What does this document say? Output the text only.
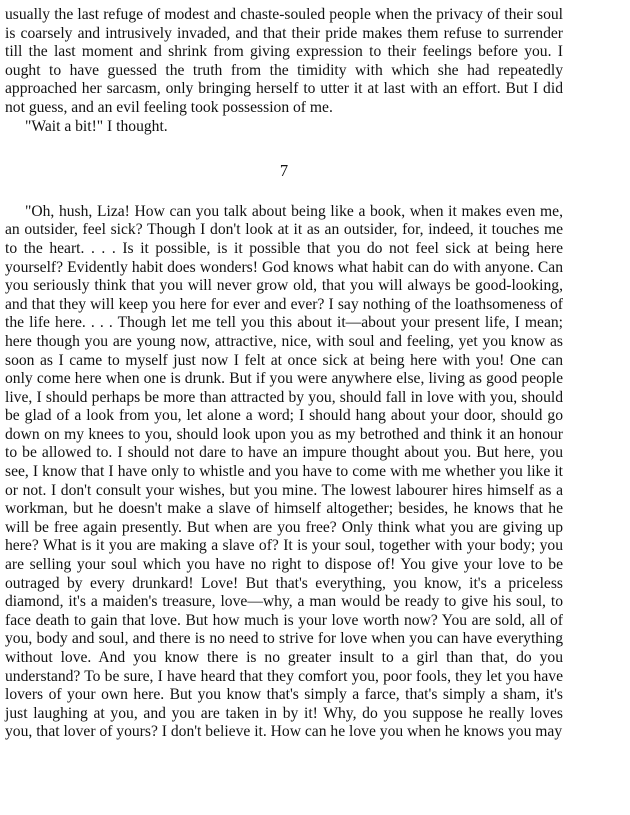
usually the last refuge of modest and chaste-souled people when the privacy of their soul is coarsely and intrusively invaded, and that their pride makes them refuse to surrender till the last moment and shrink from giving expression to their feelings before you. I ought to have guessed the truth from the timidity with which she had repeatedly approached her sarcasm, only bringing herself to utter it at last with an effort. But I did not guess, and an evil feeling took possession of me.

"Wait a bit!" I thought.

7

"Oh, hush, Liza! How can you talk about being like a book, when it makes even me, an outsider, feel sick? Though I don't look at it as an outsider, for, indeed, it touches me to the heart. . . . Is it possible, is it possible that you do not feel sick at being here yourself? Evidently habit does wonders! God knows what habit can do with anyone. Can you seriously think that you will never grow old, that you will always be good-looking, and that they will keep you here for ever and ever? I say nothing of the loathsomeness of the life here. . . . Though let me tell you this about it—about your present life, I mean; here though you are young now, attractive, nice, with soul and feeling, yet you know as soon as I came to myself just now I felt at once sick at being here with you! One can only come here when one is drunk. But if you were anywhere else, living as good people live, I should perhaps be more than attracted by you, should fall in love with you, should be glad of a look from you, let alone a word; I should hang about your door, should go down on my knees to you, should look upon you as my betrothed and think it an honour to be allowed to. I should not dare to have an impure thought about you. But here, you see, I know that I have only to whistle and you have to come with me whether you like it or not. I don't consult your wishes, but you mine. The lowest labourer hires himself as a workman, but he doesn't make a slave of himself altogether; besides, he knows that he will be free again presently. But when are you free? Only think what you are giving up here? What is it you are making a slave of? It is your soul, together with your body; you are selling your soul which you have no right to dispose of! You give your love to be outraged by every drunkard! Love! But that's everything, you know, it's a priceless diamond, it's a maiden's treasure, love—why, a man would be ready to give his soul, to face death to gain that love. But how much is your love worth now? You are sold, all of you, body and soul, and there is no need to strive for love when you can have everything without love. And you know there is no greater insult to a girl than that, do you understand? To be sure, I have heard that they comfort you, poor fools, they let you have lovers of your own here. But you know that's simply a farce, that's simply a sham, it's just laughing at you, and you are taken in by it! Why, do you suppose he really loves you, that lover of yours? I don't believe it. How can he love you when he knows you may
